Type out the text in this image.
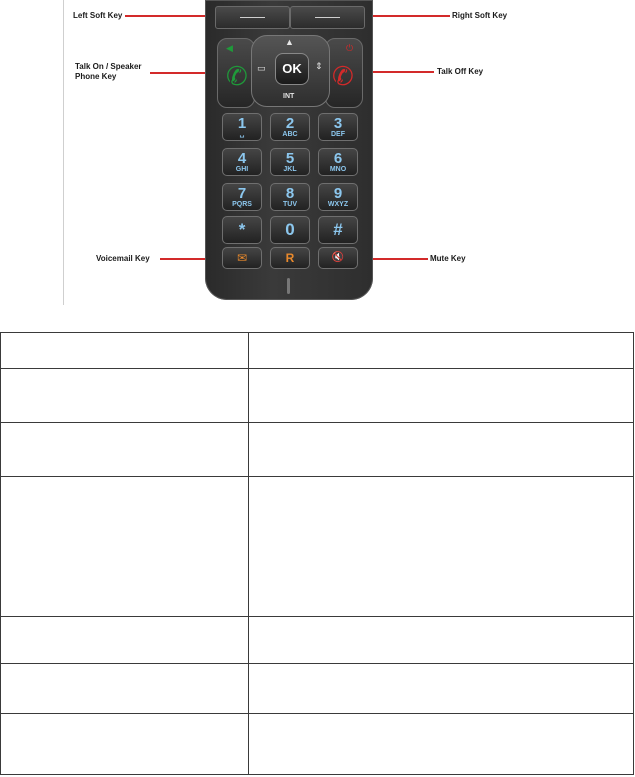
Left Soft Key	Right Soft Key
Talk On / Speaker Phone Key
Talk Off Key
Voicemail Key	Mute Key
◀
✆
⏻
✆
▲
▭	⇕
OK
INT
1
␣
2
ABC
3
DEF
4
GHI
5
JKL
6
MNO
7
PQRS
8
TUV
9
WXYZ
*	0	#
✉	R	🔇
